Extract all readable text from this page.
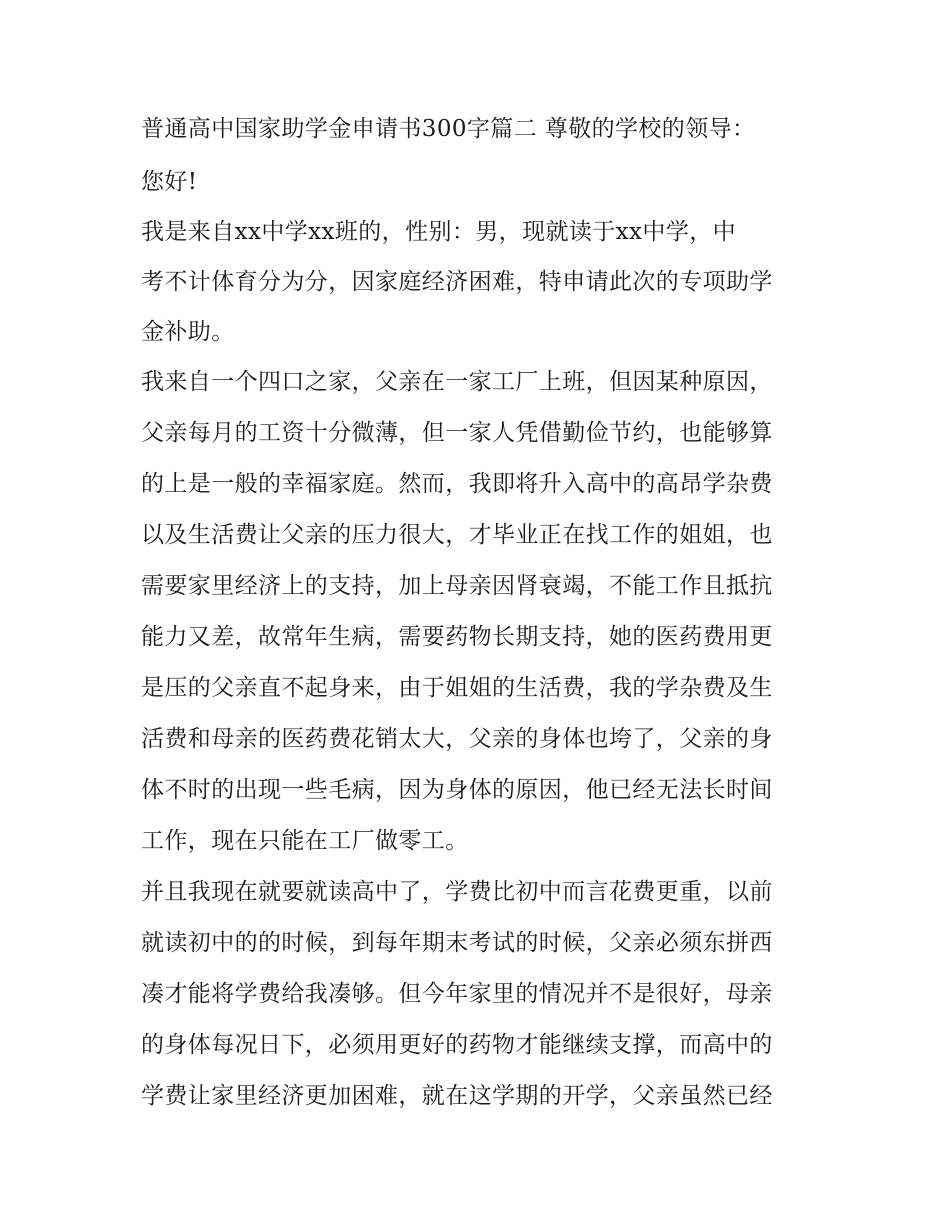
普通高中国家助学金申请书300字篇二 尊敬的学校的领导：
您好!
我是来自xx中学xx班的，性别：男，现就读于xx中学，中
考不计体育分为分，因家庭经济困难，特申请此次的专项助学
金补助。
我来自一个四口之家，父亲在一家工厂上班，但因某种原因，
父亲每月的工资十分微薄，但一家人凭借勤俭节约，也能够算
的上是一般的幸福家庭。然而，我即将升入高中的高昂学杂费
以及生活费让父亲的压力很大，才毕业正在找工作的姐姐，也
需要家里经济上的支持，加上母亲因肾衰竭，不能工作且抵抗
能力又差，故常年生病，需要药物长期支持，她的医药费用更
是压的父亲直不起身来，由于姐姐的生活费，我的学杂费及生
活费和母亲的医药费花销太大，父亲的身体也垮了，父亲的身
体不时的出现一些毛病，因为身体的原因，他已经无法长时间
工作，现在只能在工厂做零工。
并且我现在就要就读高中了，学费比初中而言花费更重，以前
就读初中的的时候，到每年期末考试的时候，父亲必须东拼西
凑才能将学费给我凑够。但今年家里的情况并不是很好，母亲
的身体每况日下，必须用更好的药物才能继续支撑，而高中的
学费让家里经济更加困难，就在这学期的开学，父亲虽然已经
